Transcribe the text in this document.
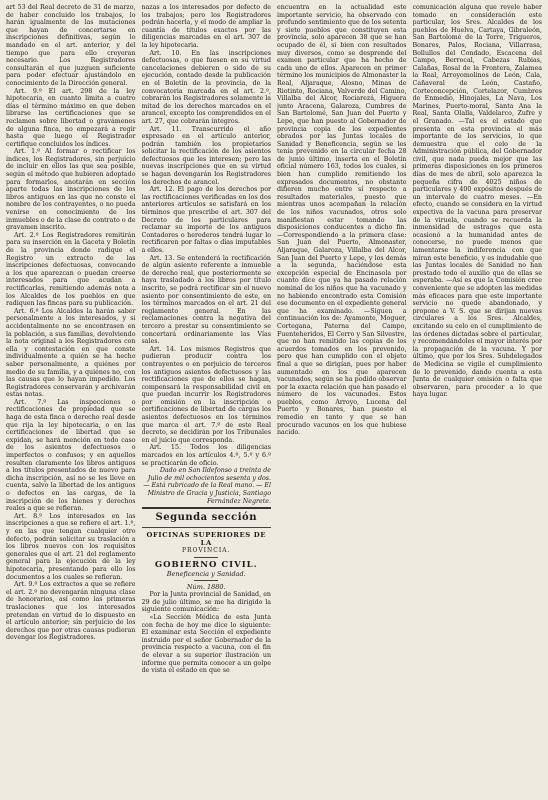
art 53 del Real decreto de 31 de marzo, de haber concluido los trabajos, lo harán igualmente de las mutaciones que hayan de concertarse en inscripciones definitivas, según lo mandado en el art. anterior, y del tiempo que para ello creyeran necesario. Los Registradores consultarán el que juzguen suficiente para poder efectuar ajustándolo en conocimiento de la Dirección general.

Art. 9.º El art. 298 de la ley hipotecaria, en cuanto limita a cuatro días el término máximo en que deben librarse las certificaciones que se reclamen sobre libertad o gravámenes de alguna finca, no empezará a regir hasta que luego el Registrador certifique concluidos los índices.

Art. 1.º Al formar o rectificar los índices, los Registradores, sin perjuicio de incluir en ellos las que sea posible, según el método que hubieren adoptado para formarlos, anotarán en sección aparte todas las inscripciones de los libros antiguos en las que no conste el nombre de los contrayentes, o no pueda venirse en conocimiento de los inmuebles o de la clase de contrato o de gravamen inscrito.

Art. 2.º Los Registradores remitirán para su inserción en la Gaceta y Boletín de la provincia donde radique el Registro un extracto de las inscripciones defectuosas, convocando a los que aparezcan o puedan creerse interesados para que acudan a rectificarlas, remitiendo además nota a los Alcaldes de los pueblos en que radiquen las fincas para su publicación.

Art. 6.º Los Alcaldes la harán saber personalmente a los interesados, y si accidentalmente no se encontrasen en la población, a sus familias, devolviendo la nota original a los Registradores con ella y contestación en que conste individualmente a quién se ha hecho saber personalmente, a quiénes por medio de su familia, y a quiénes no, con las causas que lo hayan impedido. Los Registradores conservarán y archivarán estas notas.

Art. 7.º Las inspecciones o rectificaciones de propiedad que se haga de esta finca o derecho real desde que rija la ley hipotecaria, o en las certificaciones de libertad que se expidan, se hará mención en todo caso de los asientos defectuosos o imperfectos o confusos; y en aquellos resulten claramente los libros antiguos a los títulos presentados de nuevo para dicha inscripción, así no se les lleve en cuenta, salvo la libertad de los antiguos o defectos en las cargas, de la inscripción de los bienes y derechos reales a que se refieran.

Art. 8.º Los interesados en las inscripciones a que se refiere el art. 1.º, y en las que tengan cualquier otro defecto, podrán solicitar su traslación a los libros nuevos con los requisitos generales que el art. 21 del reglamento general para la ejecución de la ley hipotecaria, presentando para ello los documentos a los cuales se refieran.

Art. 9.º Los extractos a que se refiere el art. 2.º no devengarán ninguna clase de honorarios, así como las primeras traslaciones que los interesados pretendan en virtud de lo dispuesto en el artículo anterior; sin perjuicio de los derechos que por otras causas pudieran devengar los Registradores.

nazas a los interesados por defecto de los trabajos; pero los Registradores podrán hacerla, y el modo de ampliar la cuantía de títulos exactos por las diligencias marcadas en el art. 307 de la ley hipotecaria.

Art. 10. En las inscripciones defectuosas, o que fuesen en su virtud cancelaciones debieren o sido de su ejecución, contado desde la publicación en el Boletín de la provincia, de la convocatoria marcada en el art. 2.º, cobrarán los Registradores solamente la mitad de los derechos marcados en el arancel, excepto los comprendidos en el art. 27, que cobrarán íntegros.

Art. 11. Transcurrido el año expresado en el artículo anterior, podrán también los propietarios solicitar la rectificación de los asientos defectuosos que les interesen; pero las nuevas inscripciones que en su virtud se hagan devengarán los Registradores los derechos de arancel.

Art. 12. El pago de los derechos por las rectificaciones verificadas en los dos anteriores artículos se satisfará en los términos que prescribe el art. 307 del Decreto de los particulares para reclamar su importe de los antiguos Contadores o herederos tendrá lugar lo rectificaren por faltas o días imputables a ellos.

Art. 13. Se entenderá la rectificación de algún asiento referente a inmueble de derecho real, que posteriormente se haya trasladado a los libros por título inscrito, se podrá rectificar sin el nuevo asiento por consentimiento de este, en los términos marcados en el art. 21 del reglamento general. En las reclamaciones contra la negativa del tercero a prestar su consentimiento se concertará ordinariamente las Vías sales.

Art. 14. Los mismos Registros que pudieran producir contra los contrayentes o en perjuicio de terceros los antiguos asientos defectuosos y las rectificaciones que de ellos se hagan, compensará la responsabilidad civil en que puedan incurrir los Registradores por omisión en la inscripción o certificaciones de libertad de cargas los asientos defectuosos en los términos que marca el art. 7.º de este Real decreto, se decidirán por los Tribunales en el juicio que corresponda.

Art. 15. Todos los diligencias marcados en los artículos 4.º, 5.º y 6.º se practicarán de oficio.

Dado en San Ildefonso a treinta de Julio de mil ochocientos sesenta y dos. — Está rubricado de la Real mano. — El Ministro de Gracia y Justicia, Santiago Fernández Negrete.

Segunda sección
OFICINAS SUPERIORES DE LA
PROVINCIA.
GOBIERNO CIVIL.
Beneficencia y Sanidad.
Núm. 1880.

Por la Junta provincial de Sanidad, en 29 de julio último, se me ha dirigido la siguiente comunicación:

«La Sección Médica de esta Junta con fecha de hoy me dice lo siguiente: El examinar esta Sección el expediente instruido por el señor Gobernador de la provincia respecto a vacuna, con el fin de elevar a su superior ilustración un informe que permita conocer a un golpe de vista el estado en que se

encuentra en la actualidad este importante servicio, ha observado con profundo sentimiento que de los setenta y siete pueblos que constituyen esta provincia, solo aparecen 38 que se han ocupado de él, si bien con resultados muy diversos, como se desprende del examen particular que ha hecho de cada uno de ellos. Aparecen en primer término los municipios de Almonaster la Real, Aljaraque, Alosno, Minas de Riotinto, Rociana, Valverde del Camino, Villalba del Alcor, Rociarezá, Higuera junto Aracena, Galaroza, Cumbres de San Bartolomé, San Juan del Puerto y Lepe, que han puesto al Gobernador de provincia copia de los expedientes obrados por las Juntas locales de Sanidad y Beneficencia, según se les tenía prevenido en la circular fecha 28 de junio último, inserta en el Boletín oficial número 163, todos los cuales, si bien han cumplido remitiendo los expresados documentos, no obstante difieren mucho entre sí respecto a resultados materiales, puesto que mientras unos acompañan la relación de los niños vacunados, otros solo manifiestan estar tomando las disposiciones conducentes a dicho fin. —Correspondiendo a la primera clase: San Juan del Puerto, Almonaster, Aljaraque, Galaroza, Villalba del Alcor, San Juan del Puerto y Lepe, y los demás a la segunda, haciéndose esta excepción especial de Encinasola por cuanto dice que ya ha pasado relación nominal de los niños que ha vacunado y no habiendo encontrado esta Comisión ese documento en el expediente general que ha examinado. —Siguen a continuación los de: Ayamonte, Moguer, Cortegana, Paterna del Campo, Fuenteheridos, El Cerro y San Silvestre, que no han remitido las copias de los acuerdos tomados en los prevenido, pero que han cumplido con el objeto final a que se dirigían, pues por haber aumentado en los que aparecen vacunados, según se ha podido observar por la exacta relación que han pasado el número de los vacunados. Estos pueblos, como Arroyo, Lucena del Puerto y Bonares, han puesto el remedio en tanto y que se han procurado vacunos en los que hubiese nacido.

comunicación alguna que revele haber tomado en consideración este particular, los Sres. Alcaldes de los pueblos de Huelva, Cartaya, Gibraleón, San Bartolomé de la Torre, Trigueros, Bonares, Palos, Rociana, Villarrasa, Bollullos del Condado, Escacena del Campo, Berrocal, Cabezas Rubias, Calañas, Rosal de la Frontera, Zalamea la Real, Arroyomolinos de León, Cala, Cañaveral de León, Castaño, Corteconcepción, Cortelazor, Cumbres de Enmedio, Hinojales, La Nava, Los Marines, Puerto-moral, Santa Ana la Real, Santa Olalla, Valdelarco, Zufre y el Granado. —Tal es el estado que presenta en esta provincia el más importante de los servicios, lo que demuestra que el celo de la Administración pública, del Gobernador civil, que nada pueda mejor que las primeras disposiciones en los primeros días de mes de abril, solo aparezca la pequeña cifra de 4025 niños de particulares y 400 expósitos después de un intervalo de cuatro meses. —En efecto, cuando se considera en la virtud expectiva de la vacuna para preservar de la viruela, cuando se recuerda la inmensidad de estragos que esta ocasionó a la humanidad antes de conocerse, no puede menos que lamentarse la indiferencia con que miran este beneficio, y es indudable que las Juntas locales de Sanidad no han prestado todo el auxilio que de ellas se esperaba. —Así es que la Comisión cree conveniente que se adopten las medidas más eficaces para que este importante servicio no quede abandonado, y propone a V. S. que se dirijan nuevas circulares a los Sres. Alcaldes, excitando su celo en el cumplimiento de las órdenes dictadas sobre el particular, y recomendándoles el mayor interés por la propagación de la vacuna. Y por último, que por los Sres. Subdelegados de Medicina se vigile el cumplimiento de lo prevenido, dando cuenta a esta Junta de cualquier omisión o falta que observaren, para proceder a lo que haya lugar.
